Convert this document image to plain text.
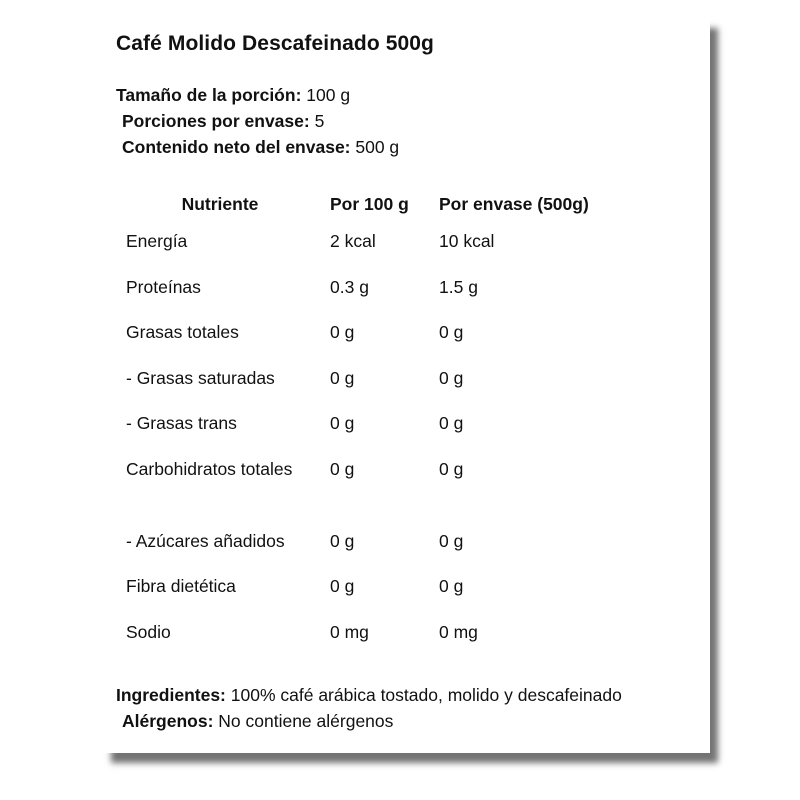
Café Molido Descafeinado 500g
Tamaño de la porción: 100 g
Porciones por envase: 5
Contenido neto del envase: 500 g
Nutriente	Por 100 g	Por envase (500g)
Energía	2 kcal	10 kcal
Proteínas	0.3 g	1.5 g
Grasas totales	0 g	0 g
- Grasas saturadas	0 g	0 g
- Grasas trans	0 g	0 g
Carbohidratos totales	0 g	0 g
- Azúcares añadidos	0 g	0 g
Fibra dietética	0 g	0 g
Sodio	0 mg	0 mg
Ingredientes: 100% café arábica tostado, molido y descafeinado
Alérgenos: No contiene alérgenos
